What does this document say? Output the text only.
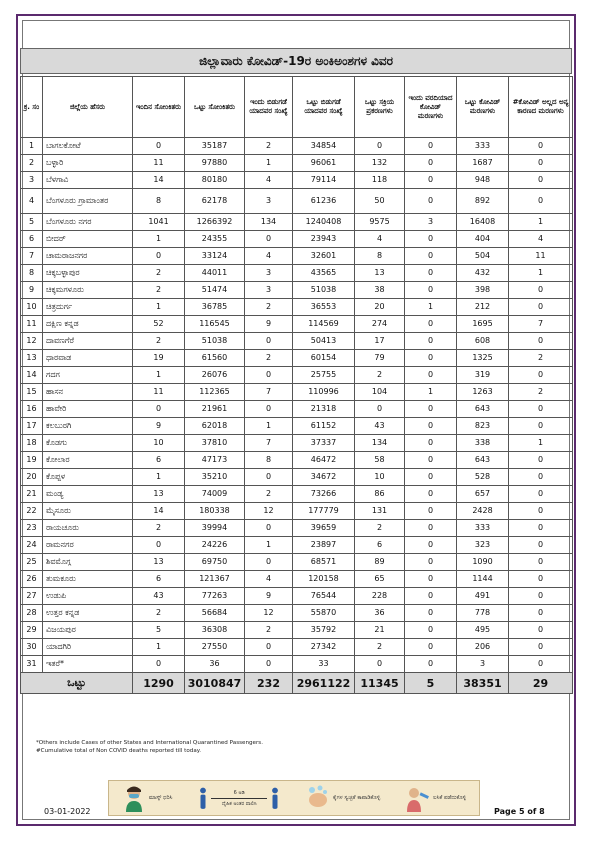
ಜಿಲ್ಲಾವಾರು ಕೋವಿಡ್-19ರ ಅಂಕಿಅಂಶಗಳ ವಿವರ
ಕ್ರ. ಸಂ	ಜಿಲ್ಲೆಯ ಹೆಸರು	ಇಂದಿನ ಸೋಂಕಿತರು	ಒಟ್ಟು ಸೋಂಕಿತರು	ಇಂದು ಬಿಡುಗಡೆ ಯಾದವರ ಸಂಖ್ಯೆ	ಒಟ್ಟು ಬಿಡುಗಡೆ ಯಾದವರ ಸಂಖ್ಯೆ	ಒಟ್ಟು ಸಕ್ರಿಯ ಪ್ರಕರಣಗಳು	ಇಂದು ವರದಿಯಾದ ಕೋವಿಡ್ ಮರಣಗಳು	ಒಟ್ಟು ಕೋವಿಡ್ ಮರಣಗಳು	#ಕೋವಿಡ್ ಅಲ್ಲದ ಅನ್ಯ ಕಾರಣದ ಮರಣಗಳು
1	ಬಾಗಲಕೋಟೆ	0	35187	2	34854	0	0	333	0
2	ಬಳ್ಳಾರಿ	11	97880	1	96061	132	0	1687	0
3	ಬೆಳಗಾವಿ	14	80180	4	79114	118	0	948	0
4	ಬೆಂಗಳೂರು ಗ್ರಾಮಾಂತರ	8	62178	3	61236	50	0	892	0
5	ಬೆಂಗಳೂರು ನಗರ	1041	1266392	134	1240408	9575	3	16408	1
6	ಬೀದರ್	1	24355	0	23943	4	0	404	4
7	ಚಾಮರಾಜನಗರ	0	33124	4	32601	8	0	504	11
8	ಚಿಕ್ಕಬಳ್ಳಾಪುರ	2	44011	3	43565	13	0	432	1
9	ಚಿಕ್ಕಮಗಳೂರು	2	51474	3	51038	38	0	398	0
10	ಚಿತ್ರದುರ್ಗ	1	36785	2	36553	20	1	212	0
11	ದಕ್ಷಿಣ ಕನ್ನಡ	52	116545	9	114569	274	0	1695	7
12	ದಾವಣಗೆರೆ	2	51038	0	50413	17	0	608	0
13	ಧಾರವಾಡ	19	61560	2	60154	79	0	1325	2
14	ಗದಗ	1	26076	0	25755	2	0	319	0
15	ಹಾಸನ	11	112365	7	110996	104	1	1263	2
16	ಹಾವೇರಿ	0	21961	0	21318	0	0	643	0
17	ಕಲಬುರಗಿ	9	62018	1	61152	43	0	823	0
18	ಕೊಡಗು	10	37810	7	37337	134	0	338	1
19	ಕೋಲಾರ	6	47173	8	46472	58	0	643	0
20	ಕೊಪ್ಪಳ	1	35210	0	34672	10	0	528	0
21	ಮಂಡ್ಯ	13	74009	2	73266	86	0	657	0
22	ಮೈಸೂರು	14	180338	12	177779	131	0	2428	0
23	ರಾಯಚೂರು	2	39994	0	39659	2	0	333	0
24	ರಾಮನಗರ	0	24226	1	23897	6	0	323	0
25	ಶಿವಮೊಗ್ಗ	13	69750	0	68571	89	0	1090	0
26	ತುಮಕೂರು	6	121367	4	120158	65	0	1144	0
27	ಉಡುಪಿ	43	77263	9	76544	228	0	491	0
28	ಉತ್ತರ ಕನ್ನಡ	2	56684	12	55870	36	0	778	0
29	ವಿಜಯಪುರ	5	36308	2	35792	21	0	495	0
30	ಯಾದಗಿರಿ	1	27550	0	27342	2	0	206	0
31	ಇತರೆ*	0	36	0	33	0	0	3	0
ಒಟ್ಟು		1290	3010847	232	2961122	11345	5	38351	29
*Others include Cases of other States and International Quarantined Passengers.
#Cumulative total of Non COVID deaths reported till today.
ಮಾಸ್ಕ್ ಧರಿಸಿ
6 ಅಡಿ
ದೈಹಿಕ ಅಂತರ ಪಾಲಿಸಿ
ಕೈಗಳ ಸ್ವಚ್ಛತೆ ಕಾಪಾಡಿಕೊಳ್ಳಿ	ಲಸಿಕೆ ಪಡೆದುಕೊಳ್ಳಿ
03-01-2022	Page 5 of 8
